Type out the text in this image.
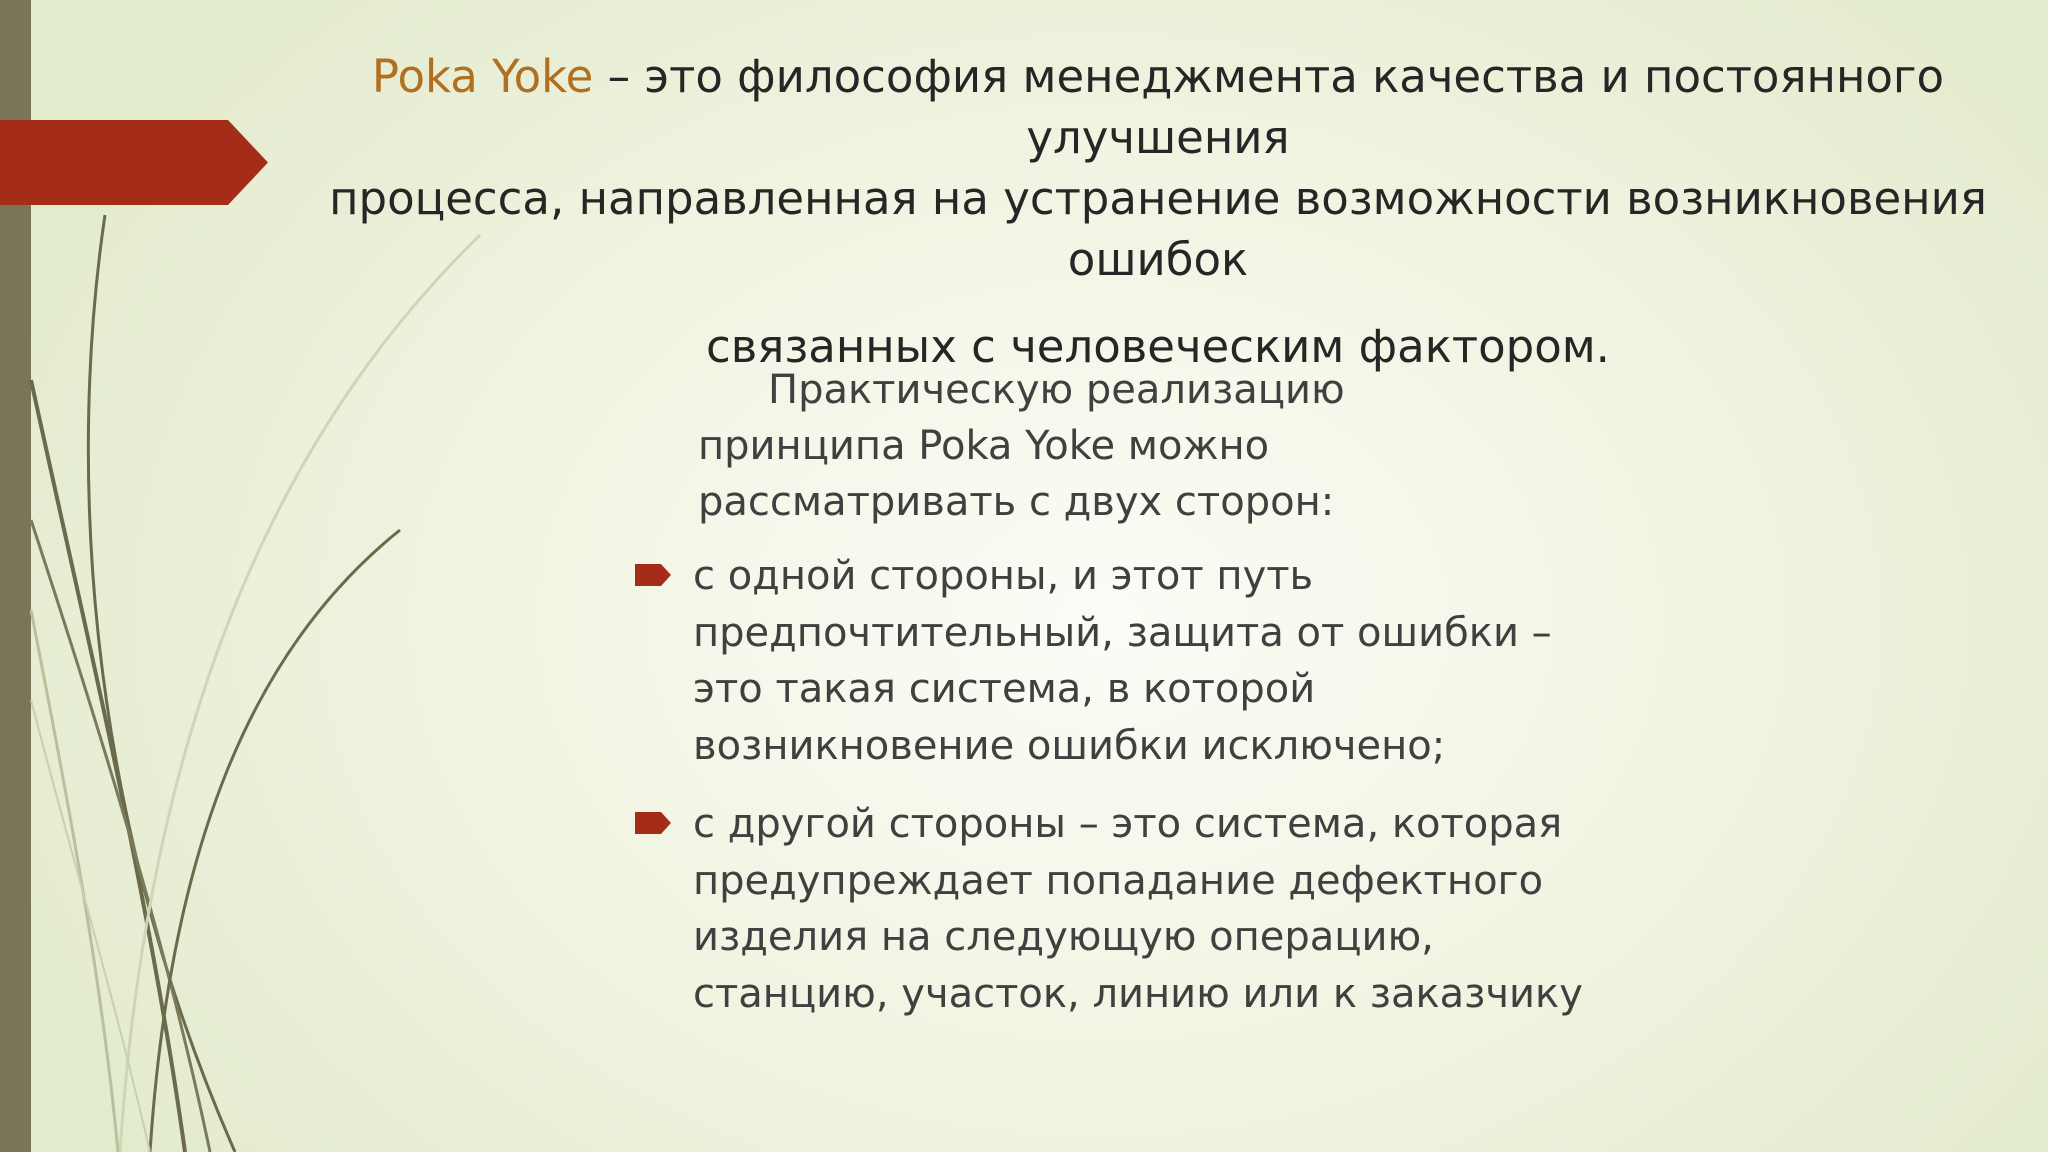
Poka Yoke – это философия менеджмента качества и постоянного улучшения
процесса, направленная на устранение возможности возникновения ошибок
связанных с человеческим фактором.

Практическую реализацию принципа Poka Yoke можно рассматривать с двух сторон:

с одной стороны, и этот путь предпочтительный, защита от ошибки – это такая система, в которой возникновение ошибки исключено;
с другой стороны – это система, которая предупреждает попадание дефектного изделия на следующую операцию, станцию, участок, линию или к заказчику
